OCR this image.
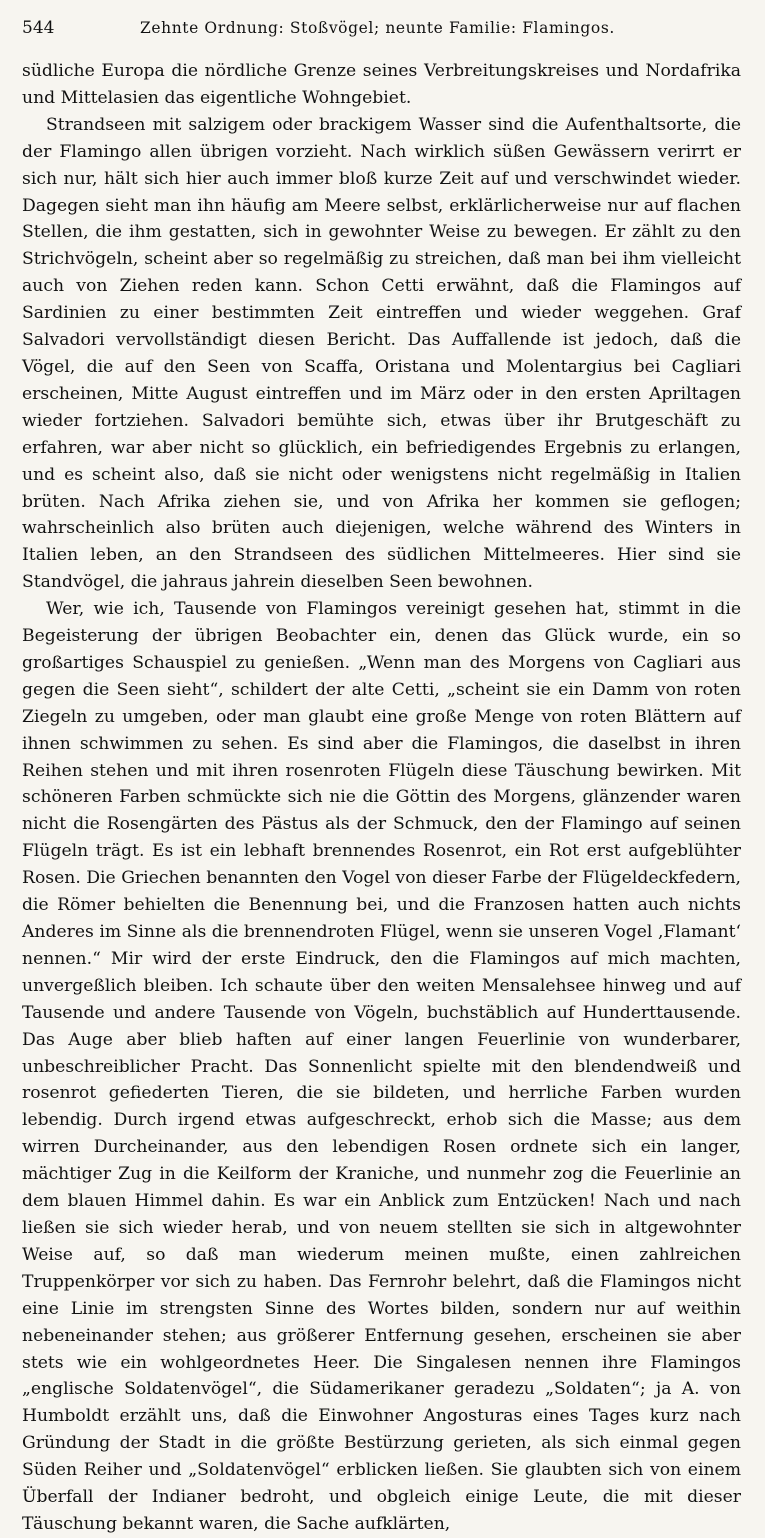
544	Zehnte Ordnung: Stoßvögel; neunte Familie: Flamingos.

südliche Europa die nördliche Grenze seines Verbreitungskreises und Nordafrika und Mittelasien das eigentliche Wohngebiet.

Strandseen mit salzigem oder brackigem Wasser sind die Aufenthaltsorte, die der Flamingo allen übrigen vorzieht. Nach wirklich süßen Gewässern verirrt er sich nur, hält sich hier auch immer bloß kurze Zeit auf und verschwindet wieder. Dagegen sieht man ihn häufig am Meere selbst, erklärlicherweise nur auf flachen Stellen, die ihm gestatten, sich in gewohnter Weise zu bewegen. Er zählt zu den Strichvögeln, scheint aber so regelmäßig zu streichen, daß man bei ihm vielleicht auch von Ziehen reden kann. Schon Cetti erwähnt, daß die Flamingos auf Sardinien zu einer bestimmten Zeit eintreffen und wieder weggehen. Graf Salvadori vervollständigt diesen Bericht. Das Auffallende ist jedoch, daß die Vögel, die auf den Seen von Scaffa, Oristana und Molentargius bei Cagliari erscheinen, Mitte August eintreffen und im März oder in den ersten Apriltagen wieder fortziehen. Salvadori bemühte sich, etwas über ihr Brutgeschäft zu erfahren, war aber nicht so glücklich, ein befriedigendes Ergebnis zu erlangen, und es scheint also, daß sie nicht oder wenigstens nicht regelmäßig in Italien brüten. Nach Afrika ziehen sie, und von Afrika her kommen sie geflogen; wahrscheinlich also brüten auch diejenigen, welche während des Winters in Italien leben, an den Strandseen des südlichen Mittelmeeres. Hier sind sie Standvögel, die jahraus jahrein dieselben Seen bewohnen.

Wer, wie ich, Tausende von Flamingos vereinigt gesehen hat, stimmt in die Begeisterung der übrigen Beobachter ein, denen das Glück wurde, ein so großartiges Schauspiel zu genießen. „Wenn man des Morgens von Cagliari aus gegen die Seen sieht“, schildert der alte Cetti, „scheint sie ein Damm von roten Ziegeln zu umgeben, oder man glaubt eine große Menge von roten Blättern auf ihnen schwimmen zu sehen. Es sind aber die Flamingos, die daselbst in ihren Reihen stehen und mit ihren rosenroten Flügeln diese Täuschung bewirken. Mit schöneren Farben schmückte sich nie die Göttin des Morgens, glänzender waren nicht die Rosengärten des Pästus als der Schmuck, den der Flamingo auf seinen Flügeln trägt. Es ist ein lebhaft brennendes Rosenrot, ein Rot erst aufgeblühter Rosen. Die Griechen benannten den Vogel von dieser Farbe der Flügeldeckfedern, die Römer behielten die Benennung bei, und die Franzosen hatten auch nichts Anderes im Sinne als die brennendroten Flügel, wenn sie unseren Vogel ‚Flamant‘ nennen.“ Mir wird der erste Eindruck, den die Flamingos auf mich machten, unvergeßlich bleiben. Ich schaute über den weiten Mensalehsee hinweg und auf Tausende und andere Tausende von Vögeln, buchstäblich auf Hunderttausende. Das Auge aber blieb haften auf einer langen Feuerlinie von wunderbarer, unbeschreiblicher Pracht. Das Sonnenlicht spielte mit den blendendweiß und rosenrot gefiederten Tieren, die sie bildeten, und herrliche Farben wurden lebendig. Durch irgend etwas aufgeschreckt, erhob sich die Masse; aus dem wirren Durcheinander, aus den lebendigen Rosen ordnete sich ein langer, mächtiger Zug in die Keilform der Kraniche, und nunmehr zog die Feuerlinie an dem blauen Himmel dahin. Es war ein Anblick zum Entzücken! Nach und nach ließen sie sich wieder herab, und von neuem stellten sie sich in altgewohnter Weise auf, so daß man wiederum meinen mußte, einen zahlreichen Truppenkörper vor sich zu haben. Das Fernrohr belehrt, daß die Flamingos nicht eine Linie im strengsten Sinne des Wortes bilden, sondern nur auf weithin nebeneinander stehen; aus größerer Entfernung gesehen, erscheinen sie aber stets wie ein wohlgeordnetes Heer. Die Singalesen nennen ihre Flamingos „englische Soldatenvögel“, die Südamerikaner geradezu „Soldaten“; ja A. von Humboldt erzählt uns, daß die Einwohner Angosturas eines Tages kurz nach Gründung der Stadt in die größte Bestürzung gerieten, als sich einmal gegen Süden Reiher und „Soldatenvögel“ erblicken ließen. Sie glaubten sich von einem Überfall der Indianer bedroht, und obgleich einige Leute, die mit dieser Täuschung bekannt waren, die Sache aufklärten,
